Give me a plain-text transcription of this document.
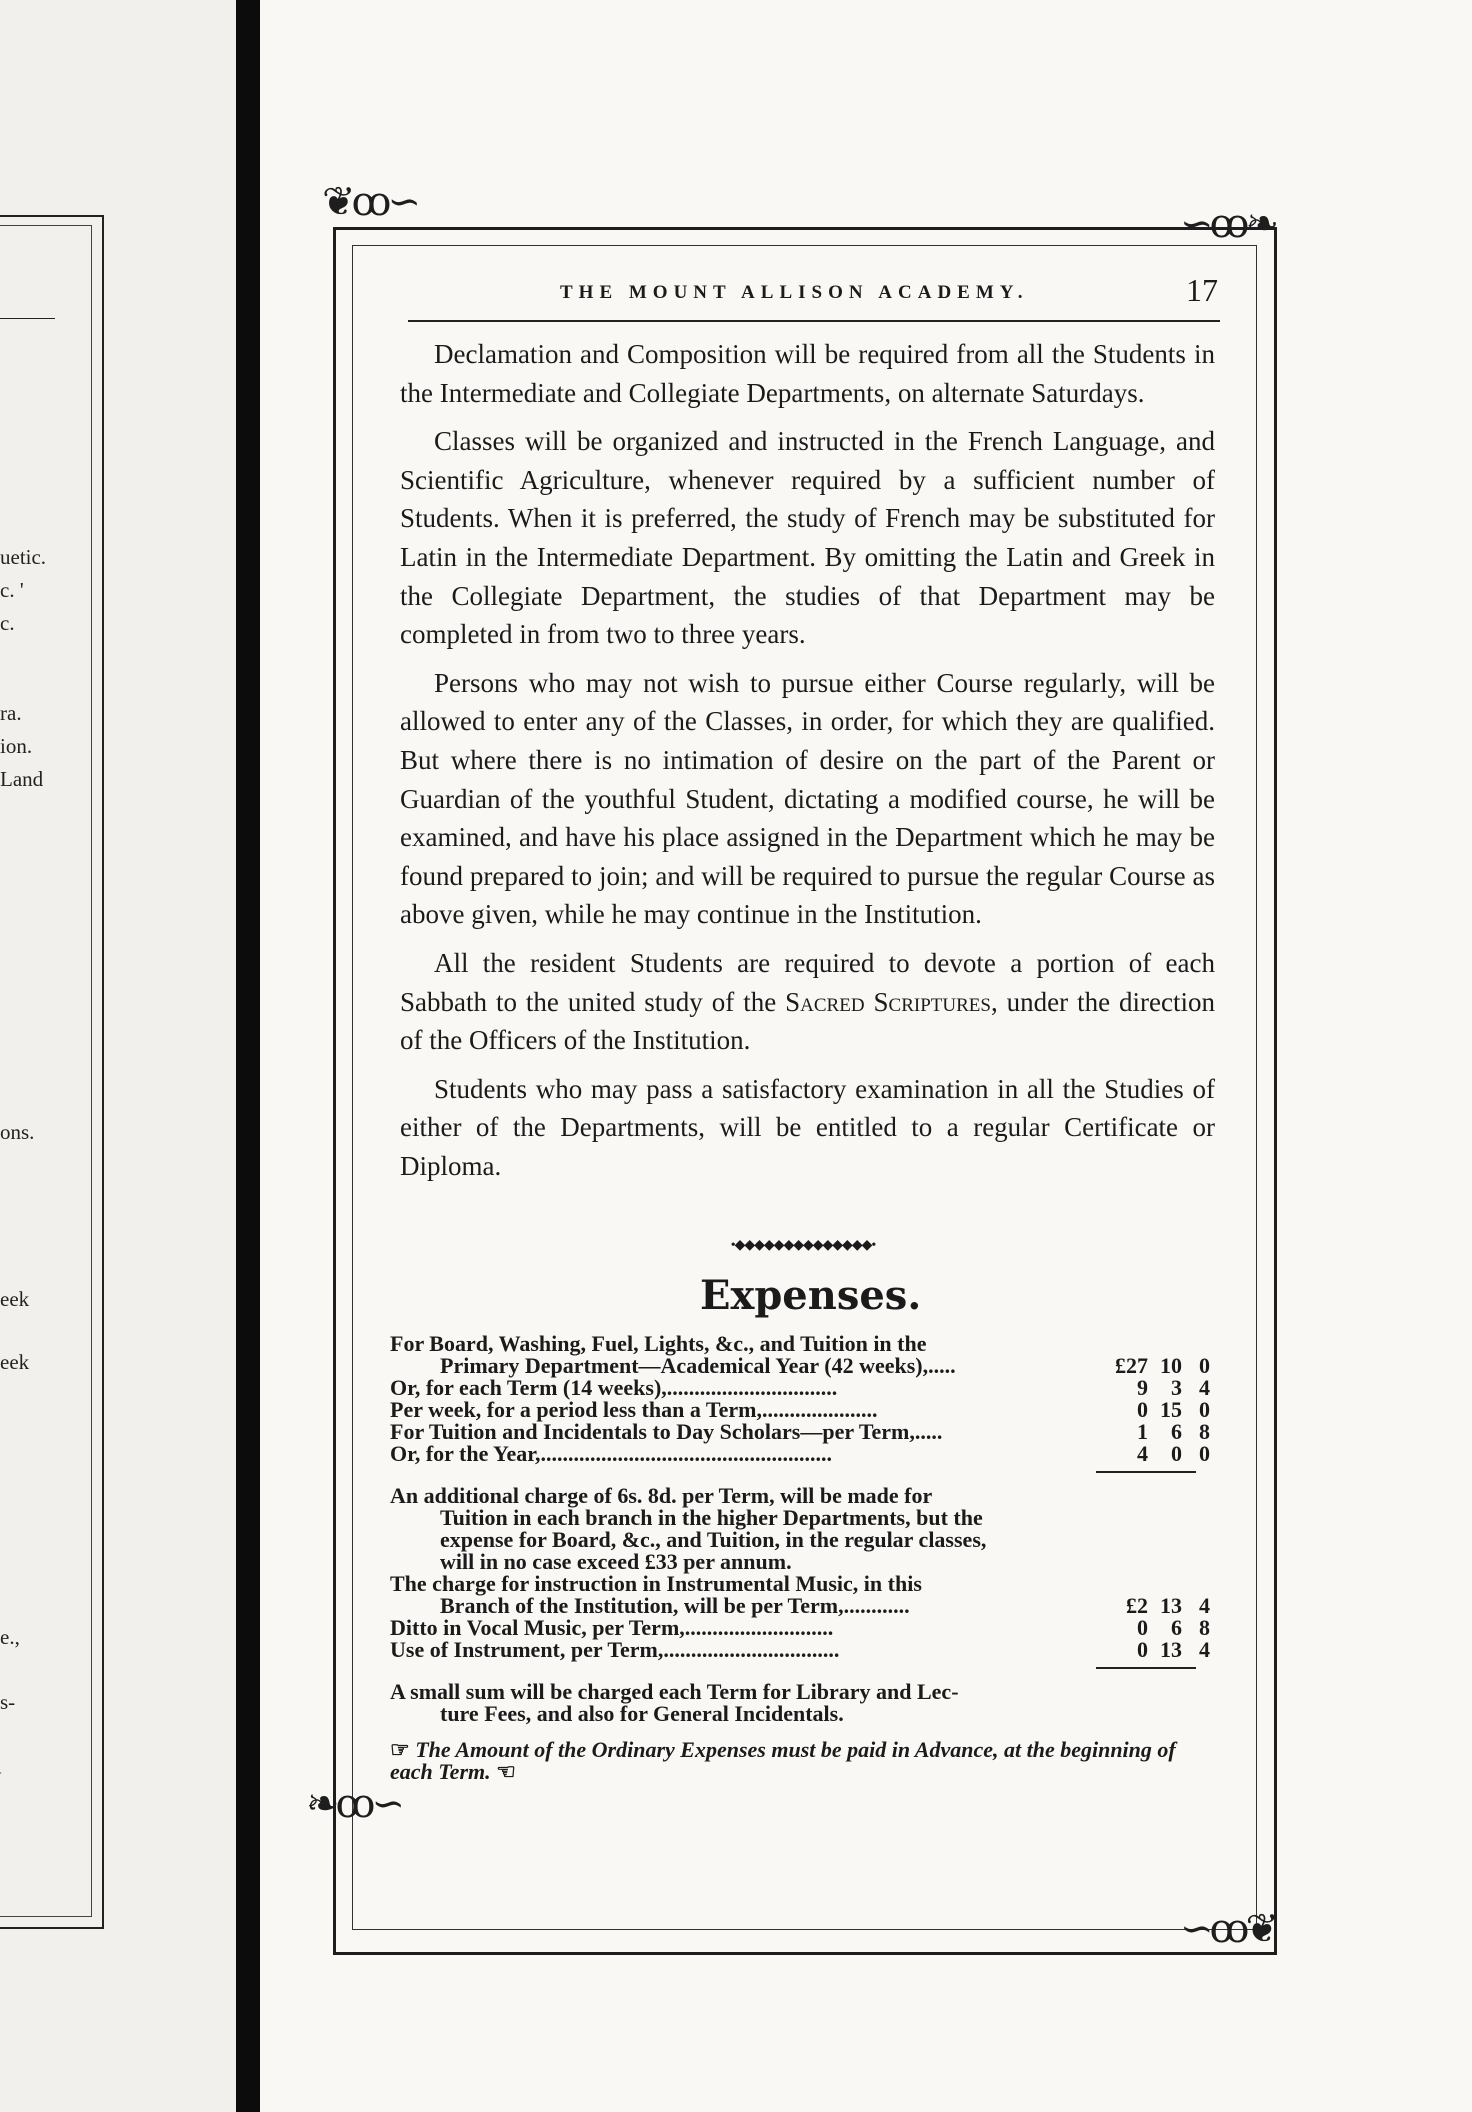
uetic.
c. '
c.
ra.
ion.
Land
ons.
eek
eek
e.,
s-
❦ꝏ∽	∽ꝏ❧
❧ꝏ∽
∽ꝏ❦
THE MOUNT ALLISON ACADEMY.	17

Declamation and Composition will be required from all the Students in the Intermediate and Collegiate Departments, on alternate Saturdays.

Classes will be organized and instructed in the French Language, and Scientific Agriculture, whenever required by a sufficient number of Students. When it is preferred, the study of French may be substituted for Latin in the Intermediate Department. By omitting the Latin and Greek in the Collegiate Department, the studies of that Department may be completed in from two to three years.

Persons who may not wish to pursue either Course regularly, will be allowed to enter any of the Classes, in order, for which they are qualified. But where there is no intimation of desire on the part of the Parent or Guardian of the youthful Student, dictating a modified course, he will be examined, and have his place assigned in the Department which he may be found prepared to join; and will be required to pursue the regular Course as above given, while he may continue in the Institution.

All the resident Students are required to devote a portion of each Sabbath to the united study of the Sacred Scriptures, under the direction of the Officers of the Institution.

Students who may pass a satisfactory examination in all the Studies of either of the Departments, will be entitled to a regular Certificate or Diploma.

•◆◆◆◆◆◆◆◆◆◆◆◆◆◆•
Expenses.
For Board, Washing, Fuel, Lights, &c., and Tuition in the
Primary Department—Academical Year (42 weeks),.....	£27 10 0
Or, for each Term (14 weeks),...............................	9	3 4
Per week, for a period less than a Term,.....................	0 15 0
For Tuition and Incidentals to Day Scholars—per Term,.....	1	6 8
Or, for the Year,.....................................................	4	0 0
An additional charge of 6s. 8d. per Term, will be made for
Tuition in each branch in the higher Departments, but the
expense for Board, &c., and Tuition, in the regular classes,
will in no case exceed £33 per annum.
The charge for instruction in Instrumental Music, in this
Branch of the Institution, will be per Term,............	£2 13 4
Ditto in Vocal Music, per Term,...........................	0	6 8
Use of Instrument, per Term,................................	0 13 4
A small sum will be charged each Term for Library and Lec-
ture Fees, and also for General Incidentals.
☞ The Amount of the Ordinary Expenses must be paid in Advance, at the beginning of each Term. ☜
